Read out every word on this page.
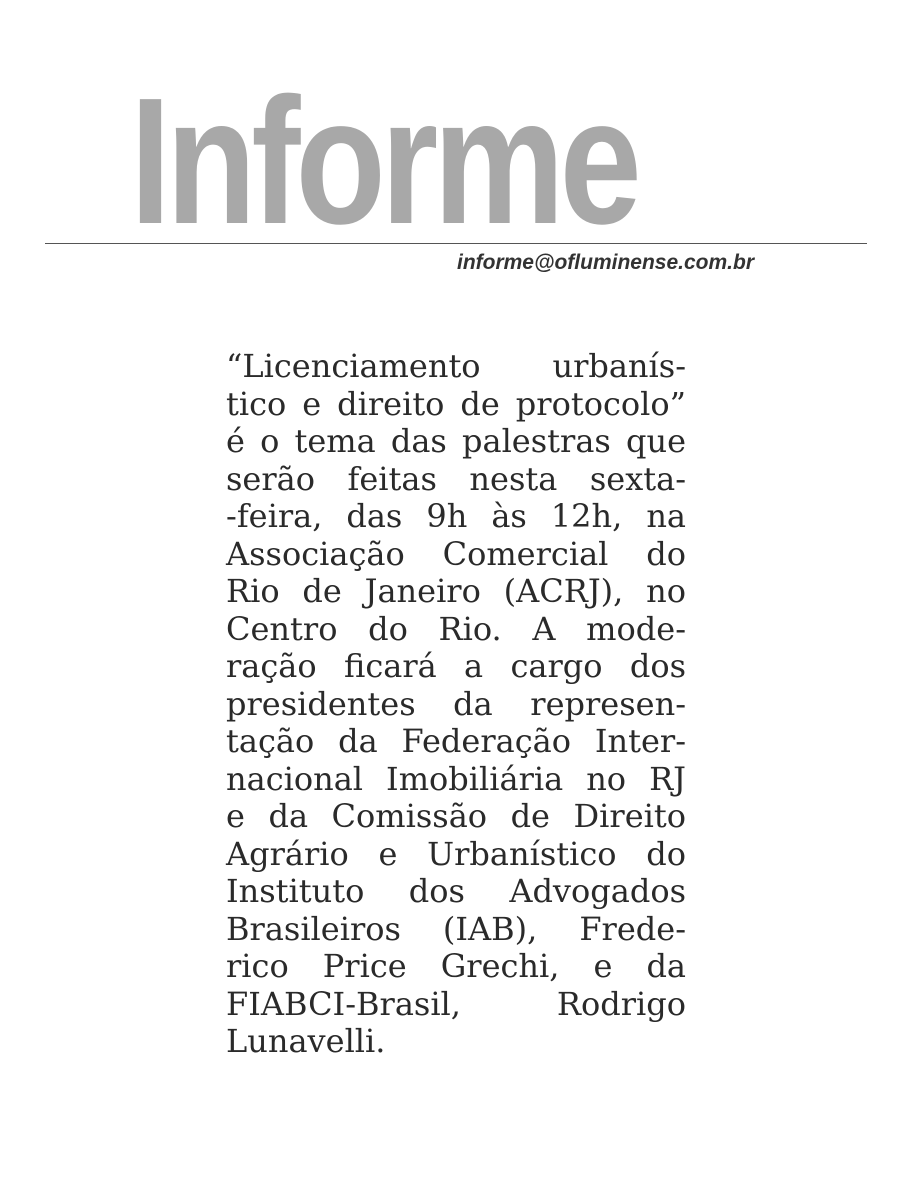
Informe
informe@ofluminense.com.br
“Licenciamento urbanís-
tico e direito de protocolo”
é o tema das palestras que
serão feitas nesta sexta-
-feira, das 9h às 12h, na
Associação Comercial do
Rio de Janeiro (ACRJ), no
Centro do Rio. A mode-
ração ficará a cargo dos
presidentes da represen-
tação da Federação Inter-
nacional Imobiliária no RJ
e da Comissão de Direito
Agrário e Urbanístico do
Instituto dos Advogados
Brasileiros (IAB), Frede-
rico Price Grechi, e da
FIABCI-Brasil, Rodrigo
Lunavelli.
